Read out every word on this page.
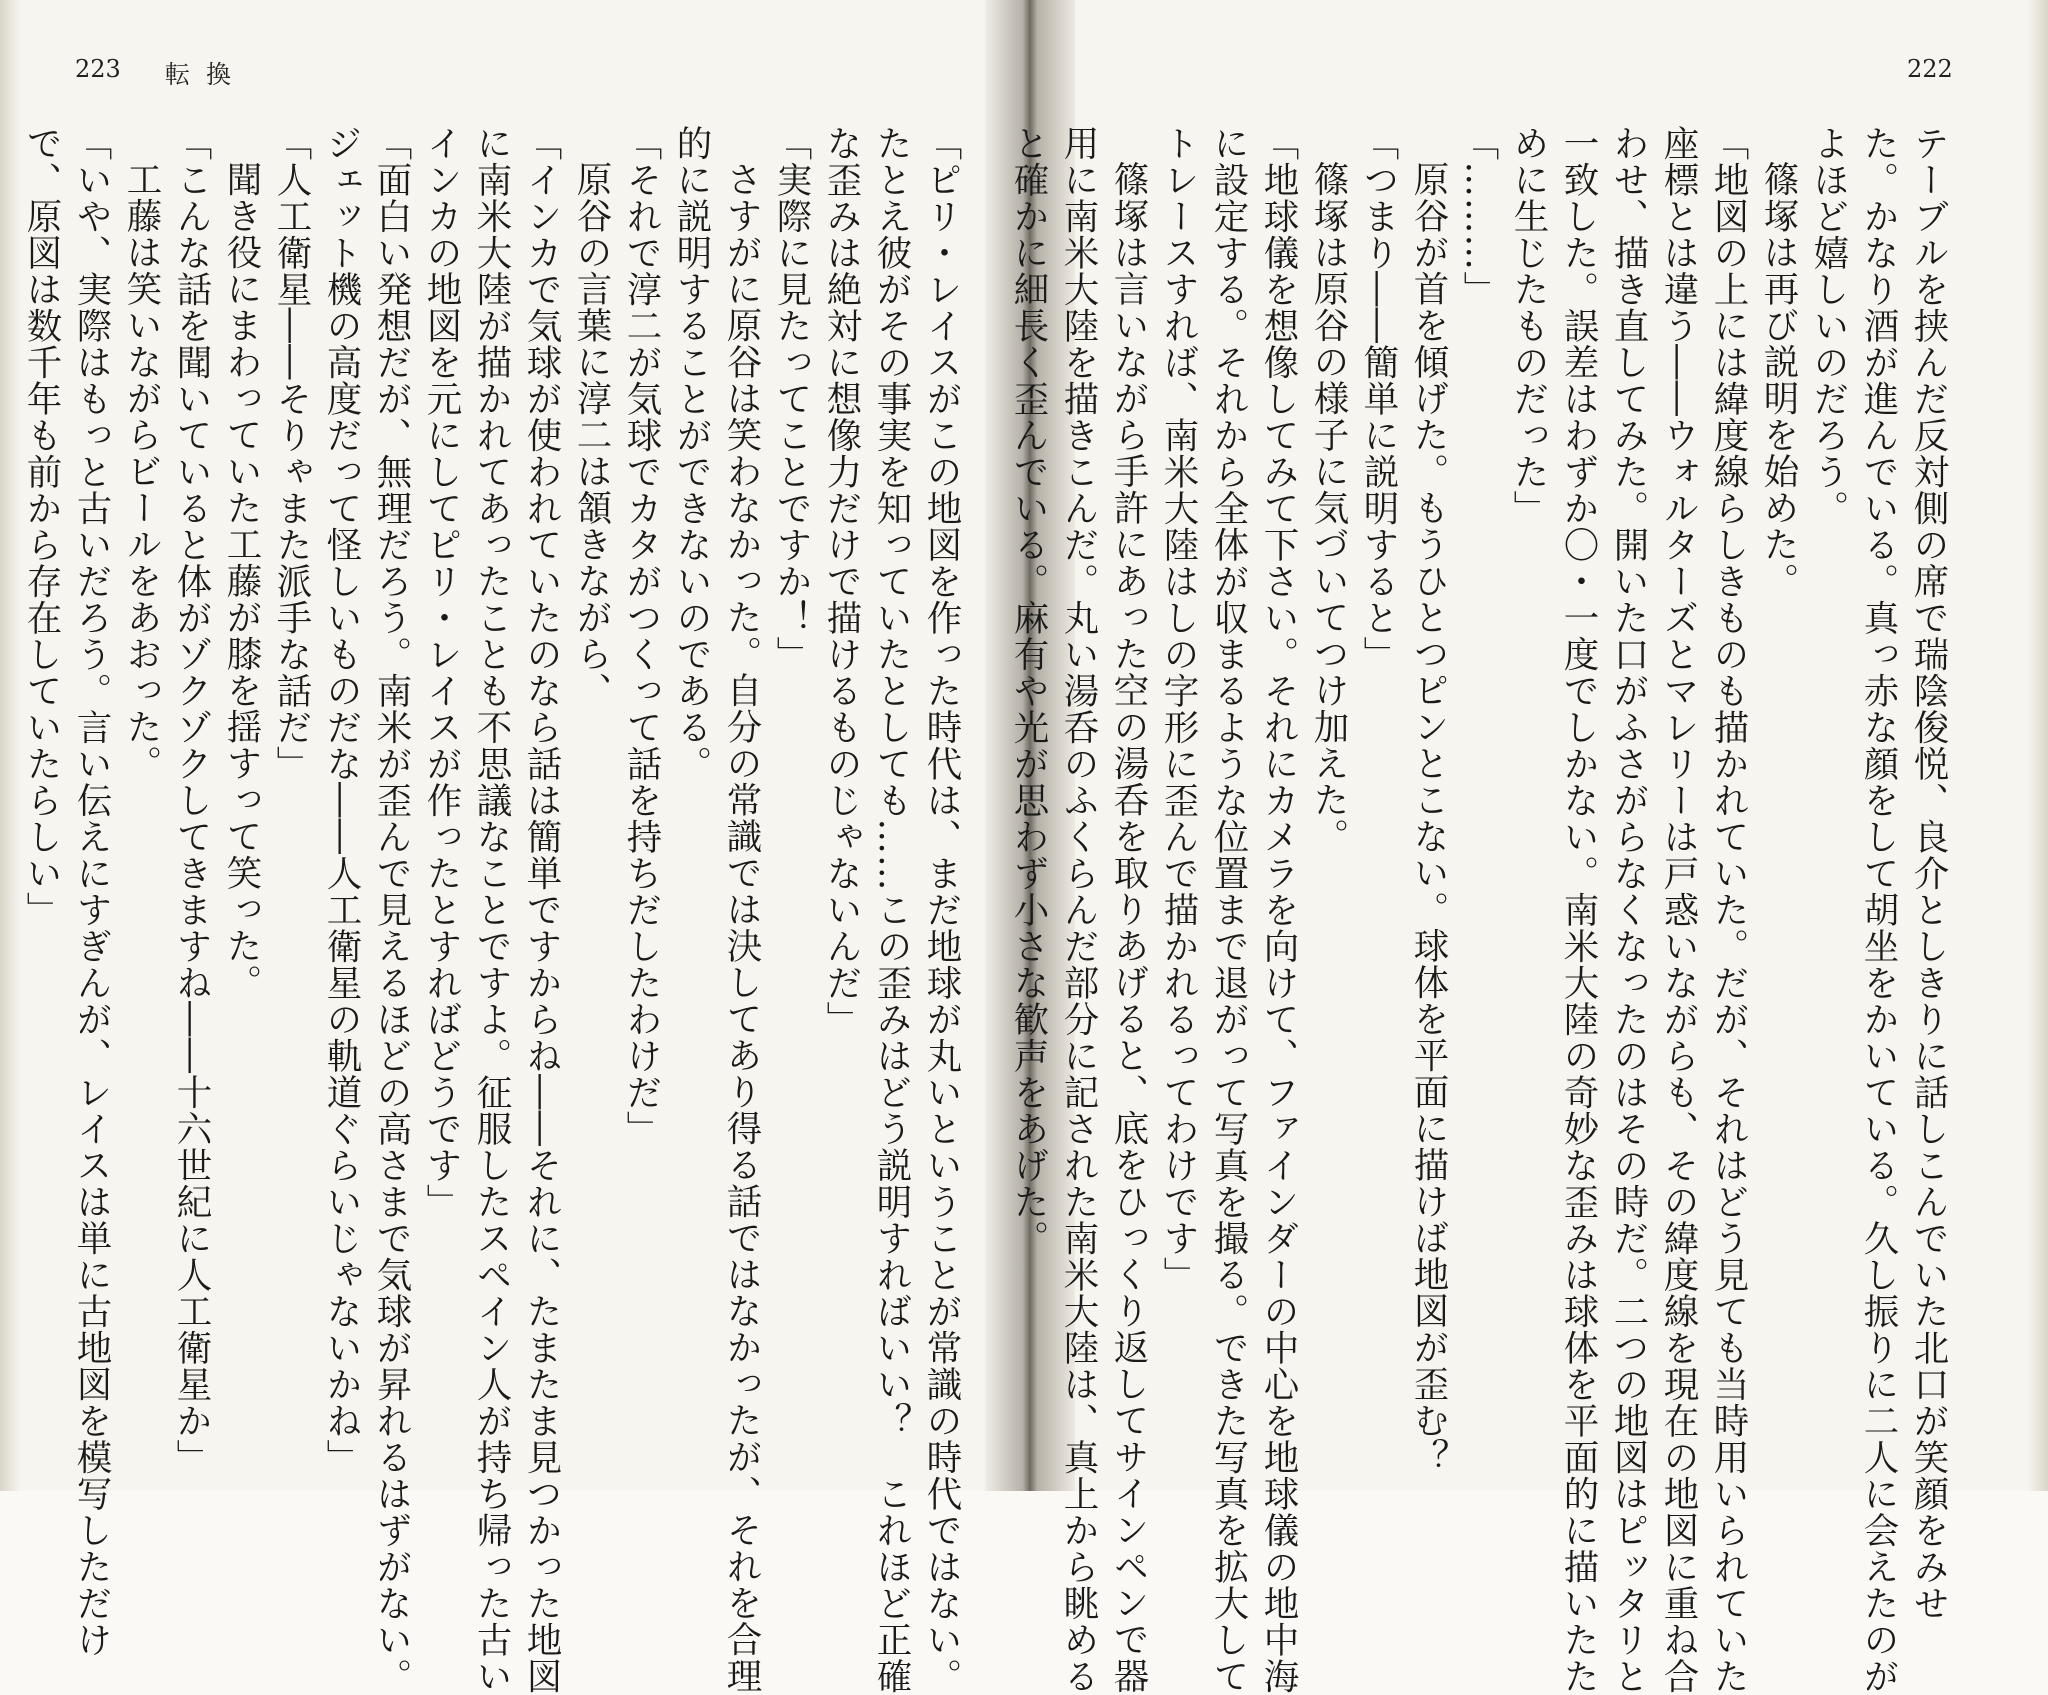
223 転換	222
テーブルを挟んだ反対側の席で瑞陰俊悦、良介としきりに話しこんでいた北口が笑顔をみせ
た。かなり酒が進んでいる。真っ赤な顔をして胡坐をかいている。久し振りに二人に会えたのが
よほど嬉しいのだろう。
篠塚は再び説明を始めた。
「地図の上には緯度線らしきものも描かれていた。だが、それはどう見ても当時用いられていた
座標とは違う――ウォルターズとマレリーは戸惑いながらも、その緯度線を現在の地図に重ね合
わせ、描き直してみた。開いた口がふさがらなくなったのはその時だ。二つの地図はピッタリと
一致した。誤差はわずか〇・一度でしかない。南米大陸の奇妙な歪みは球体を平面的に描いたた
めに生じたものだった」
「………」
原谷が首を傾げた。もうひとつピンとこない。球体を平面に描けば地図が歪む？
「つまり――簡単に説明すると」
篠塚は原谷の様子に気づいてつけ加えた。
「地球儀を想像してみて下さい。それにカメラを向けて、ファインダーの中心を地球儀の地中海
に設定する。それから全体が収まるような位置まで退がって写真を撮る。できた写真を拡大して
トレースすれば、南米大陸はしの字形に歪んで描かれるってわけです」
篠塚は言いながら手許にあった空の湯呑を取りあげると、底をひっくり返してサインペンで器
用に南米大陸を描きこんだ。丸い湯呑のふくらんだ部分に記された南米大陸は、真上から眺める
と確かに細長く歪んでいる。麻有や光が思わず小さな歓声をあげた。
「ピリ・レイスがこの地図を作った時代は、まだ地球が丸いということが常識の時代ではない。
たとえ彼がその事実を知っていたとしても……この歪みはどう説明すればいい？　これほど正確
な歪みは絶対に想像力だけで描けるものじゃないんだ」
「実際に見たってことですか！」
さすがに原谷は笑わなかった。自分の常識では決してあり得る話ではなかったが、それを合理
的に説明することができないのである。
「それで淳二が気球でカタがつくって話を持ちだしたわけだ」
原谷の言葉に淳二は頷きながら、
「インカで気球が使われていたのなら話は簡単ですからね――それに、たまたま見つかった地図
に南米大陸が描かれてあったことも不思議なことですよ。征服したスペイン人が持ち帰った古い
インカの地図を元にしてピリ・レイスが作ったとすればどうです」
「面白い発想だが、無理だろう。南米が歪んで見えるほどの高さまで気球が昇れるはずがない。
ジェット機の高度だって怪しいものだな――人工衛星の軌道ぐらいじゃないかね」
「人工衛星――そりゃまた派手な話だ」
聞き役にまわっていた工藤が膝を揺すって笑った。
「こんな話を聞いていると体がゾクゾクしてきますね――十六世紀に人工衛星か」
工藤は笑いながらビールをあおった。
「いや、実際はもっと古いだろう。言い伝えにすぎんが、レイスは単に古地図を模写しただけ
で、原図は数千年も前から存在していたらしい」
